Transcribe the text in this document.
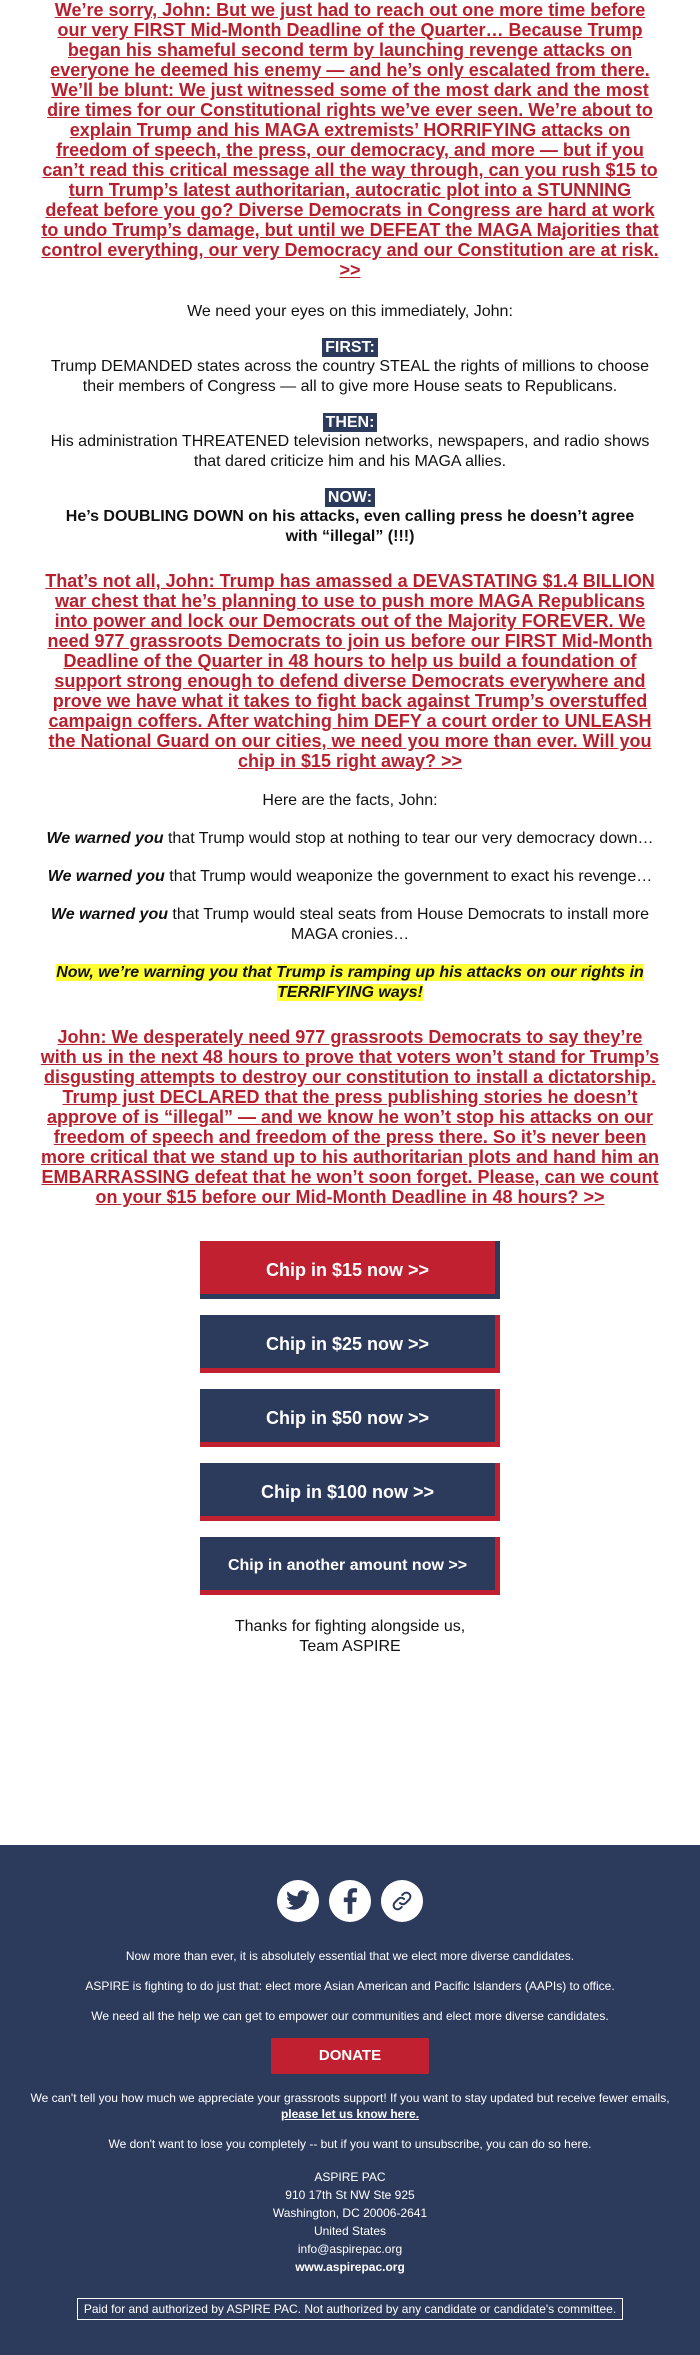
We’re sorry, John: But we just had to reach out one more time before our very FIRST Mid-Month Deadline of the Quarter… Because Trump began his shameful second term by launching revenge attacks on everyone he deemed his enemy — and he’s only escalated from there. We’ll be blunt: We just witnessed some of the most dark and the most dire times for our Constitutional rights we’ve ever seen. We’re about to explain Trump and his MAGA extremists’ HORRIFYING attacks on freedom of speech, the press, our democracy, and more — but if you can’t read this critical message all the way through, can you rush $15 to turn Trump’s latest authoritarian, autocratic plot into a STUNNING defeat before you go? Diverse Democrats in Congress are hard at work to undo Trump’s damage, but until we DEFEAT the MAGA Majorities that control everything, our very Democracy and our Constitution are at risk. >>

We need your eyes on this immediately, John:

FIRST:

Trump DEMANDED states across the country STEAL the rights of millions to choose their members of Congress — all to give more House seats to Republicans.

THEN:

His administration THREATENED television networks, newspapers, and radio shows that dared criticize him and his MAGA allies.

NOW:

He’s DOUBLING DOWN on his attacks, even calling press he doesn’t agree with “illegal” (!!!)

That’s not all, John: Trump has amassed a DEVASTATING $1.4 BILLION war chest that he’s planning to use to push more MAGA Republicans into power and lock our Democrats out of the Majority FOREVER. We need 977 grassroots Democrats to join us before our FIRST Mid-Month Deadline of the Quarter in 48 hours to help us build a foundation of support strong enough to defend diverse Democrats everywhere and prove we have what it takes to fight back against Trump’s overstuffed campaign coffers. After watching him DEFY a court order to UNLEASH the National Guard on our cities, we need you more than ever. Will you chip in $15 right away? >>

Here are the facts, John:

We warned you that Trump would stop at nothing to tear our very democracy down…

We warned you that Trump would weaponize the government to exact his revenge…

We warned you that Trump would steal seats from House Democrats to install more MAGA cronies…

Now, we’re warning you that Trump is ramping up his attacks on our rights in TERRIFYING ways!

John: We desperately need 977 grassroots Democrats to say they’re with us in the next 48 hours to prove that voters won’t stand for Trump’s disgusting attempts to destroy our constitution to install a dictatorship. Trump just DECLARED that the press publishing stories he doesn’t approve of is “illegal” — and we know he won’t stop his attacks on our freedom of speech and freedom of the press there. So it’s never been more critical that we stand up to his authoritarian plots and hand him an EMBARRASSING defeat that he won’t soon forget. Please, can we count on your $15 before our Mid-Month Deadline in 48 hours? >>

Chip in $15 now >>
Chip in $25 now >>
Chip in $50 now >>
Chip in $100 now >>
Chip in another amount now >>

Thanks for fighting alongside us,

Team ASPIRE

Now more than ever, it is absolutely essential that we elect more diverse candidates.

ASPIRE is fighting to do just that: elect more Asian American and Pacific Islanders (AAPIs) to office.

We need all the help we can get to empower our communities and elect more diverse candidates.

DONATE

We can't tell you how much we appreciate your grassroots support! If you want to stay updated but receive fewer emails,

please let us know here.

We don't want to lose you completely -- but if you want to unsubscribe, you can do so here.

ASPIRE PAC

910 17th St NW Ste 925

Washington, DC 20006-2641

United States

info@aspirepac.org

www.aspirepac.org

Paid for and authorized by ASPIRE PAC. Not authorized by any candidate or candidate's committee.
